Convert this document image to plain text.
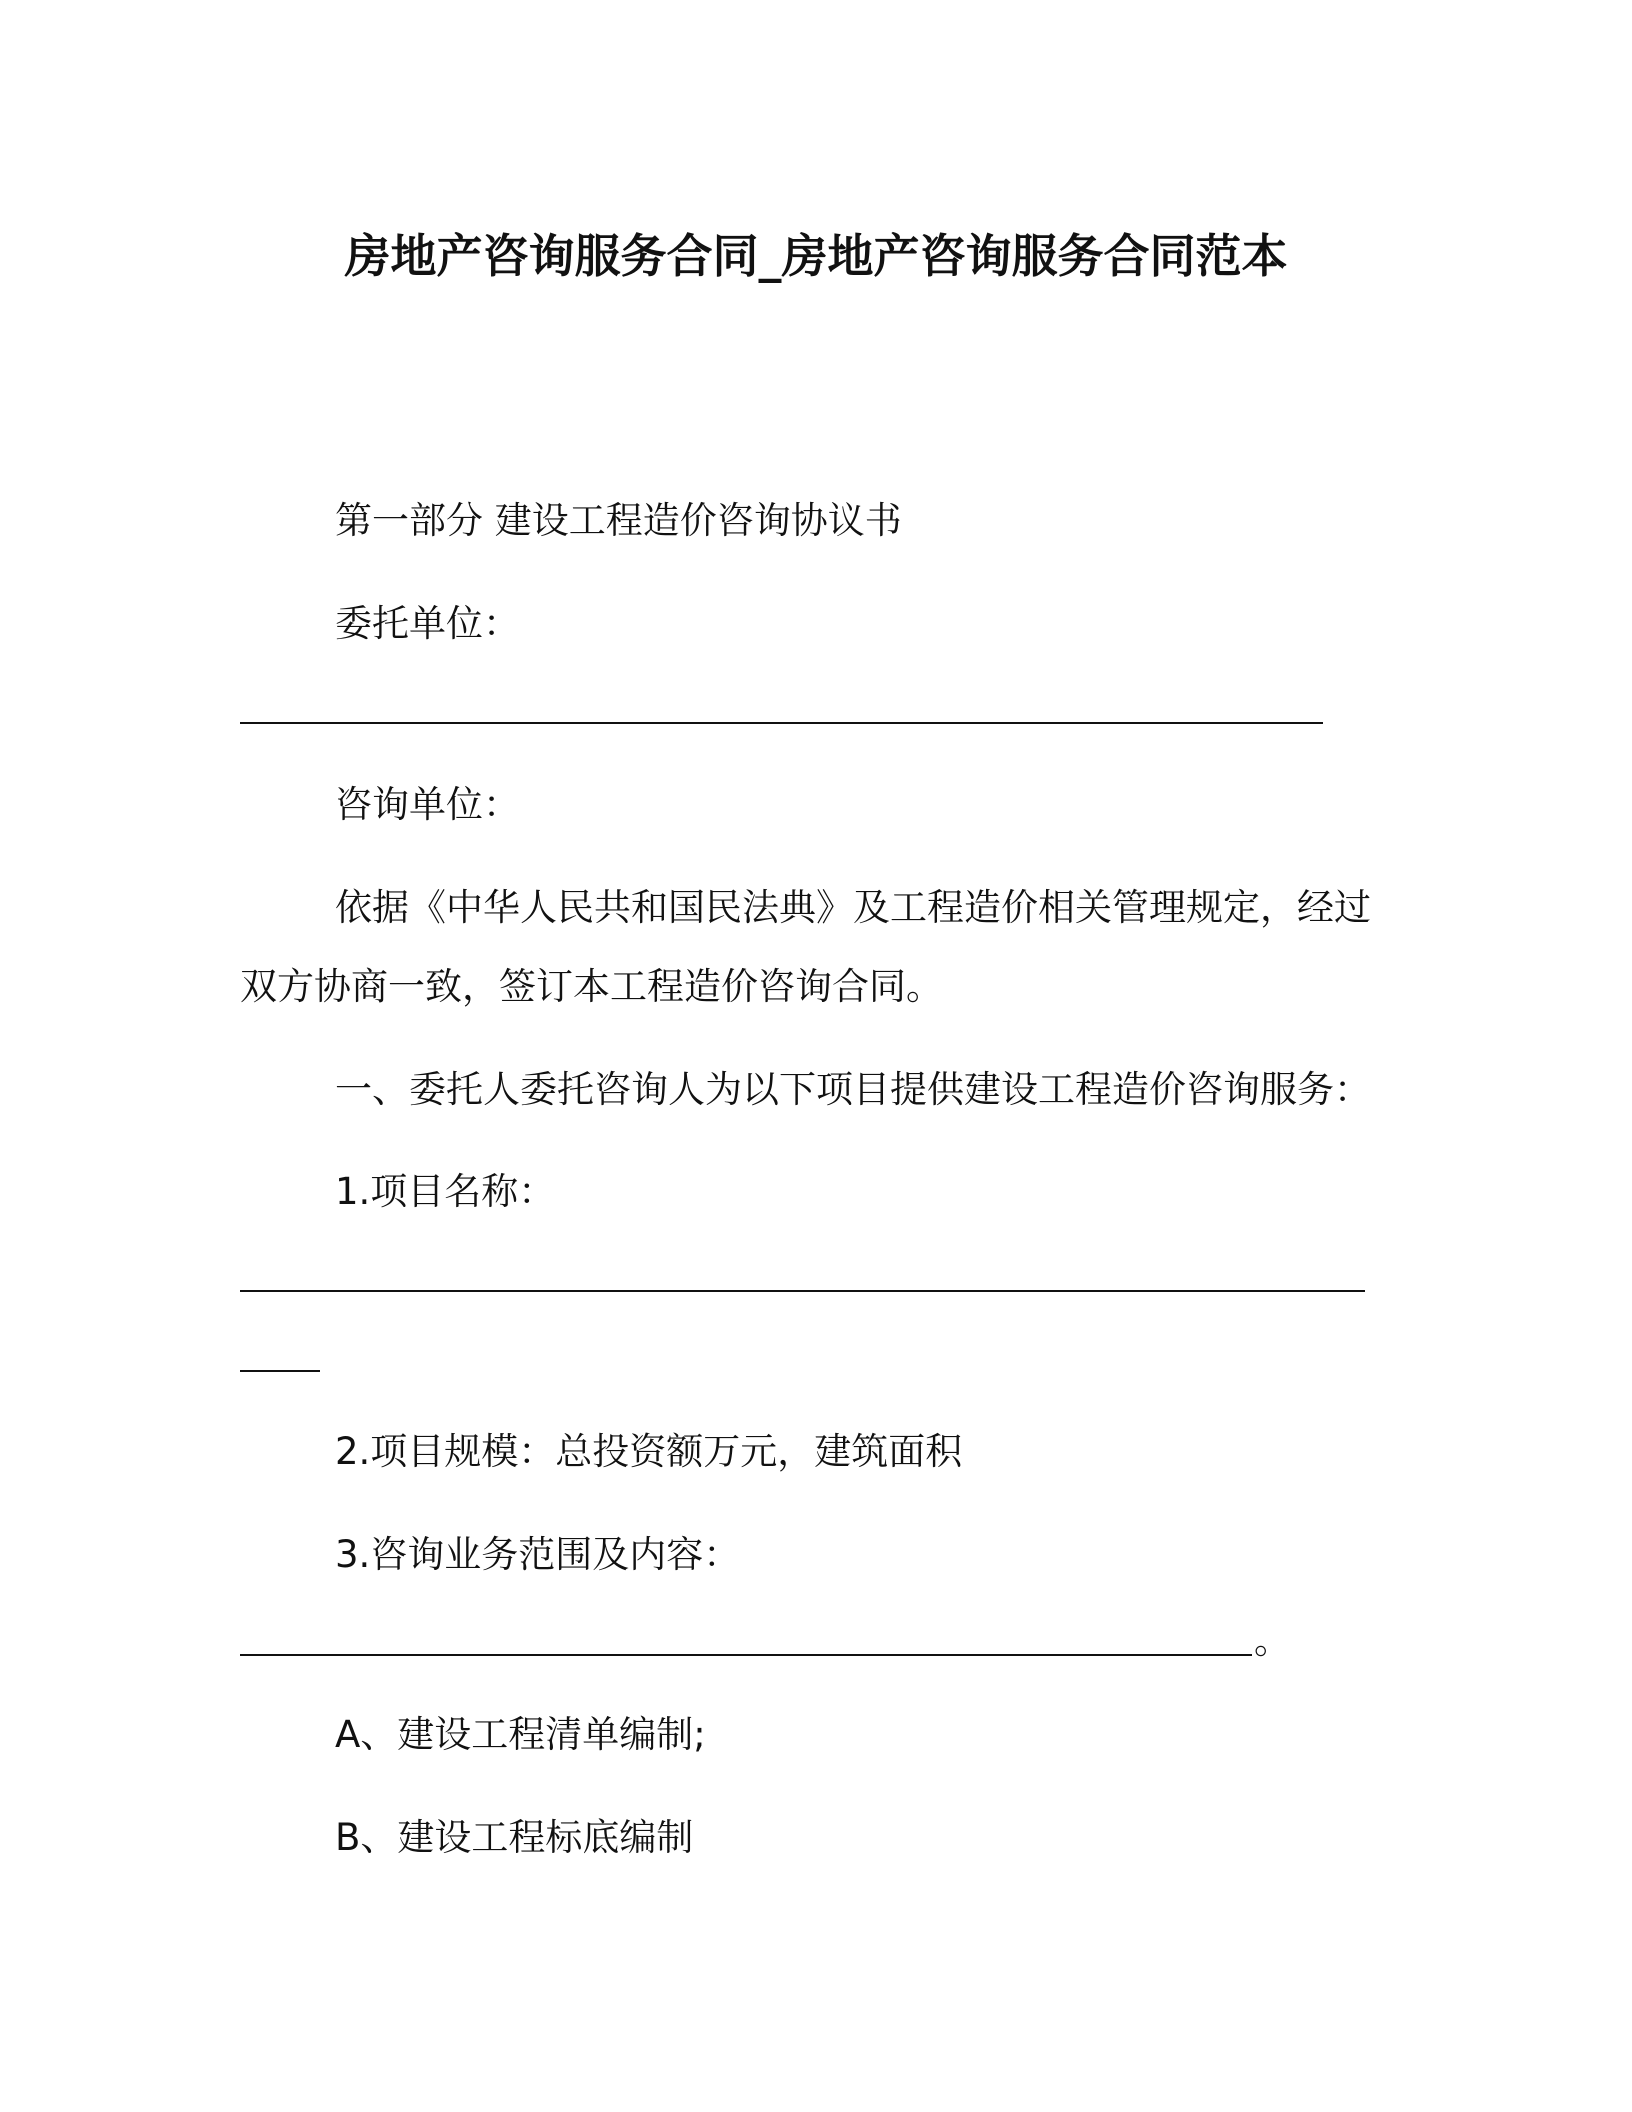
房地产咨询服务合同_房地产咨询服务合同范本
第一部分 建设工程造价咨询协议书
委托单位：
咨询单位：
依据《中华人民共和国民法典》及工程造价相关管理规定，经过
双方协商一致，签订本工程造价咨询合同。
一、委托人委托咨询人为以下项目提供建设工程造价咨询服务：
1.项目名称：
2.项目规模：总投资额万元，建筑面积
3.咨询业务范围及内容：
。
A、建设工程清单编制;
B、建设工程标底编制
